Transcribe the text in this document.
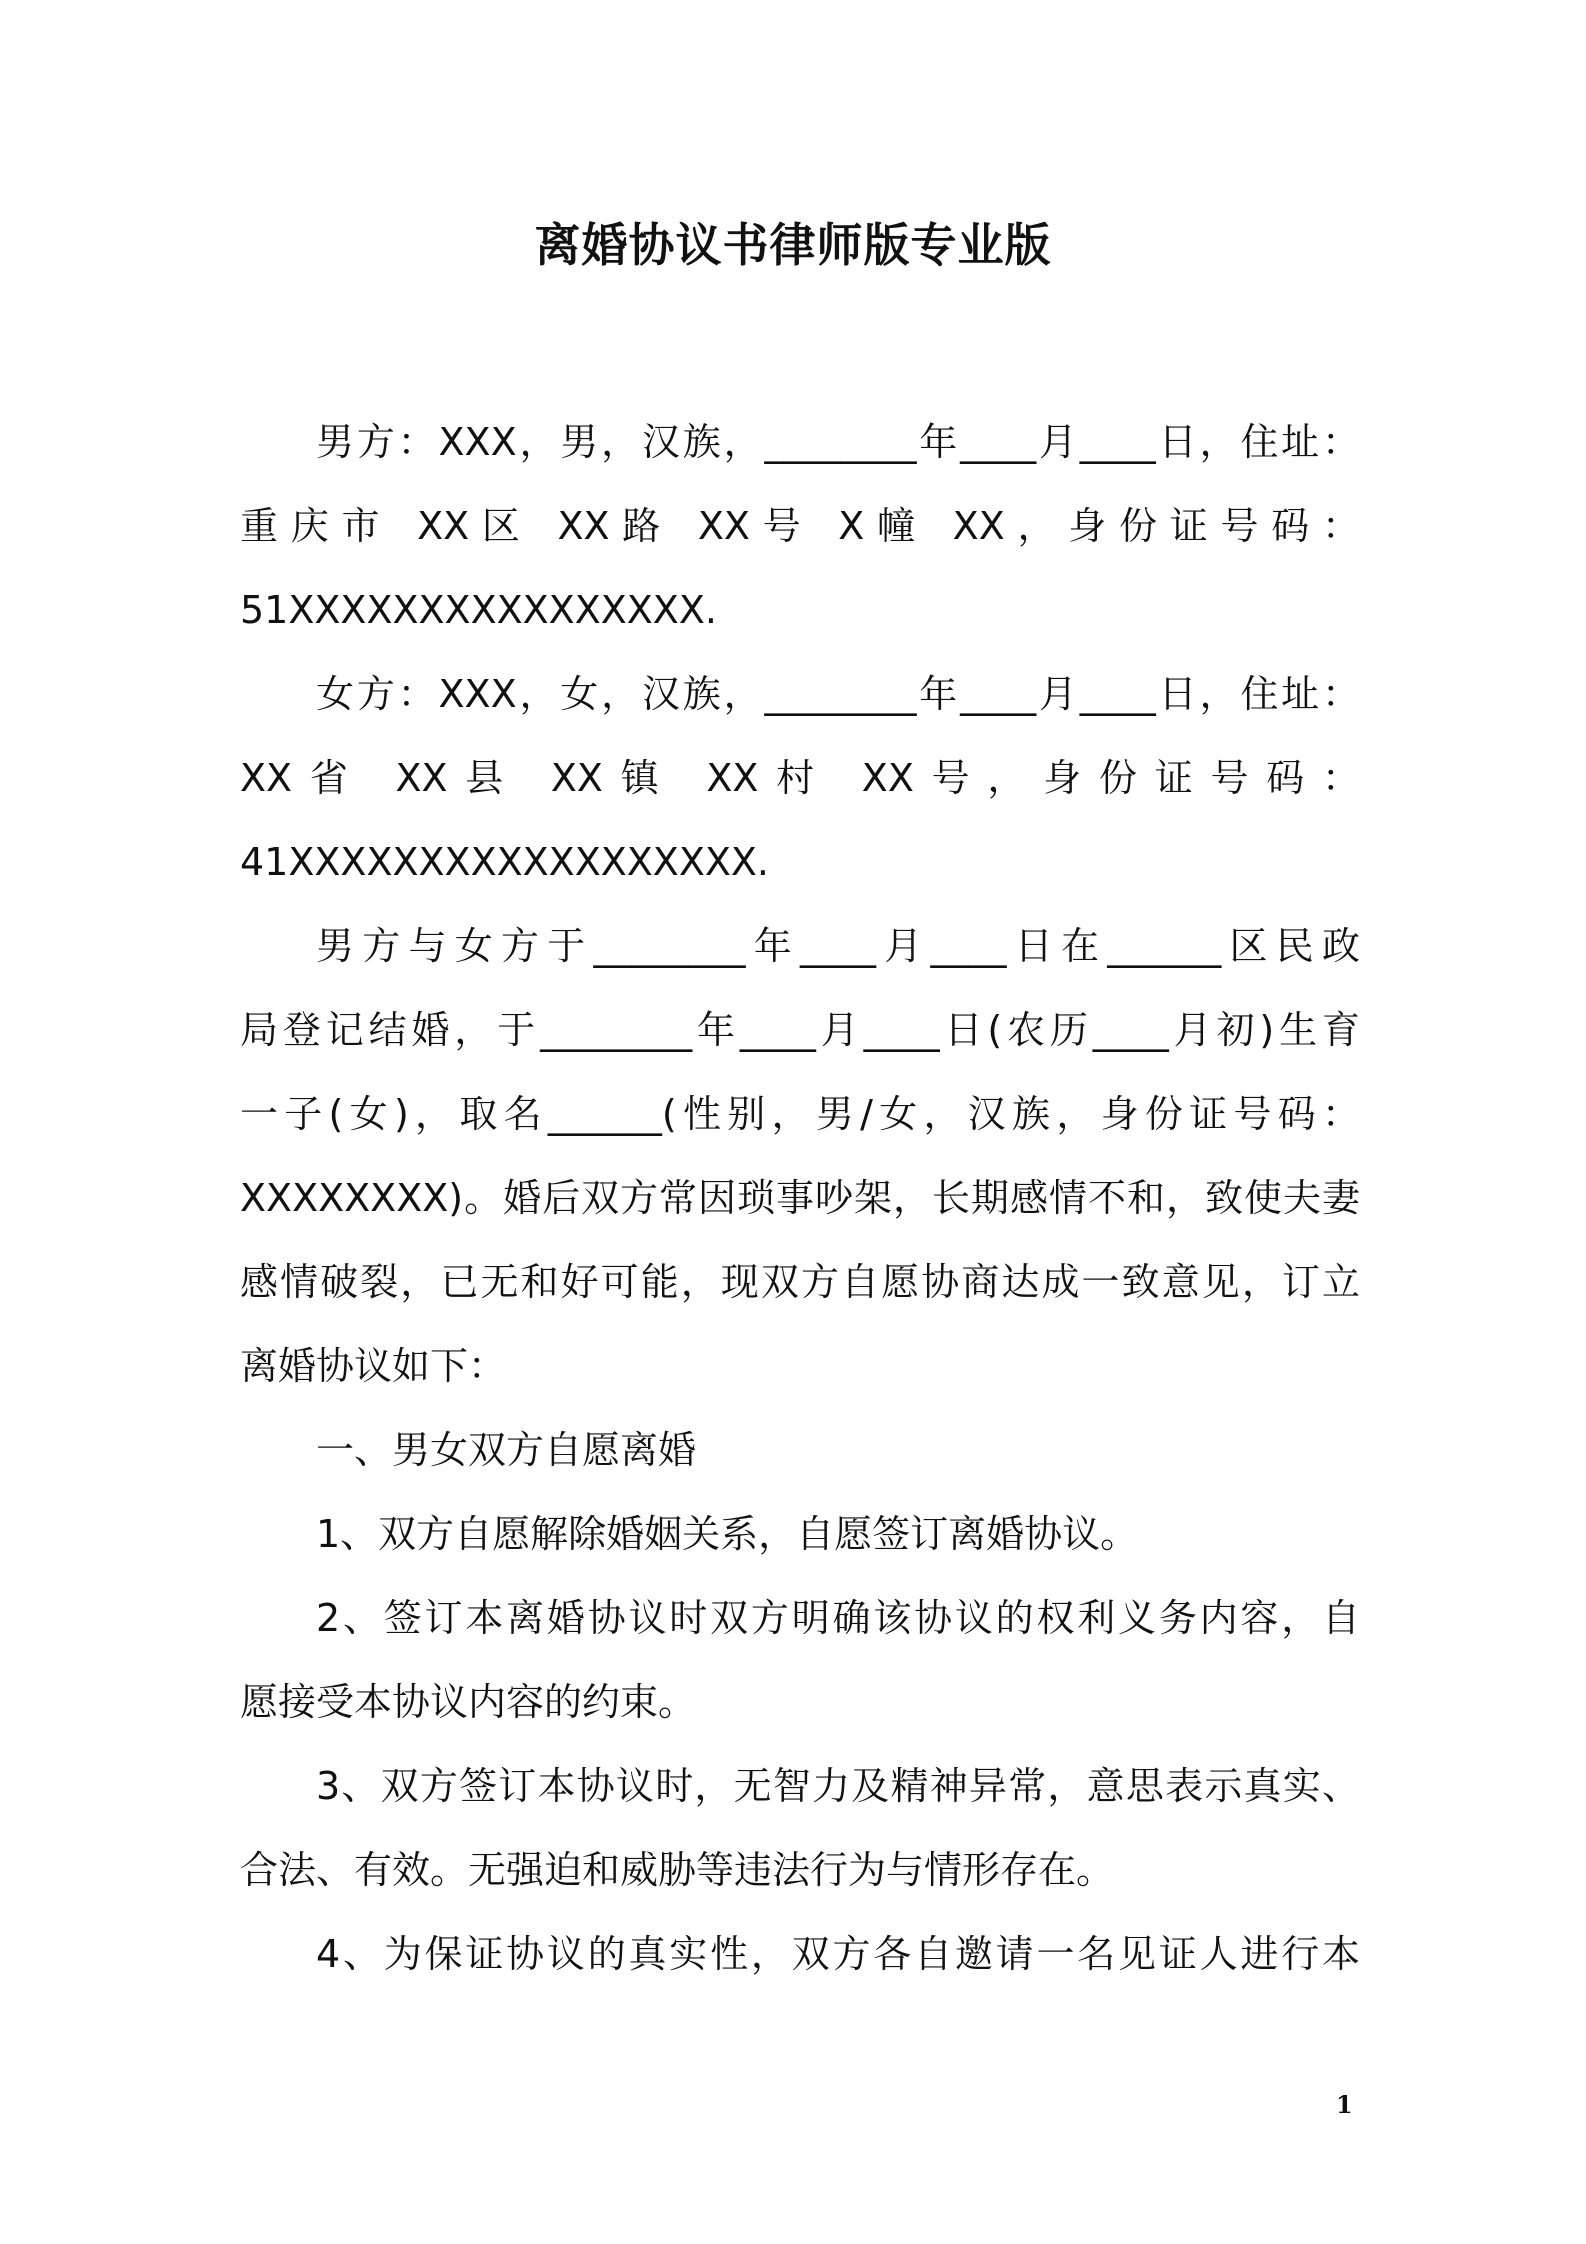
离婚协议书律师版专业版

男方：XXX，男，汉族，________年____月____日，住址：
重庆市 XX区 XX路 XX号 X幢 XX，身份证号码：
51XXXXXXXXXXXXXXXX.

女方：XXX，女，汉族，________年____月____日，住址：
XX省 XX县 XX镇 XX村 XX号，身份证号码：
41XXXXXXXXXXXXXXXXXX.

男方与女方于________年____月____日在______区民政
局登记结婚，于________年____月____日(农历____月初)生育
一子(女)，取名______(性别，男/女，汉族，身份证号码：
XXXXXXXX)。婚后双方常因琐事吵架，长期感情不和，致使夫妻
感情破裂，已无和好可能，现双方自愿协商达成一致意见，订立
离婚协议如下：

一、男女双方自愿离婚

1、双方自愿解除婚姻关系，自愿签订离婚协议。

2、签订本离婚协议时双方明确该协议的权利义务内容，自
愿接受本协议内容的约束。

3、双方签订本协议时，无智力及精神异常，意思表示真实、
合法、有效。无强迫和威胁等违法行为与情形存在。

4、为保证协议的真实性，双方各自邀请一名见证人进行本

1
